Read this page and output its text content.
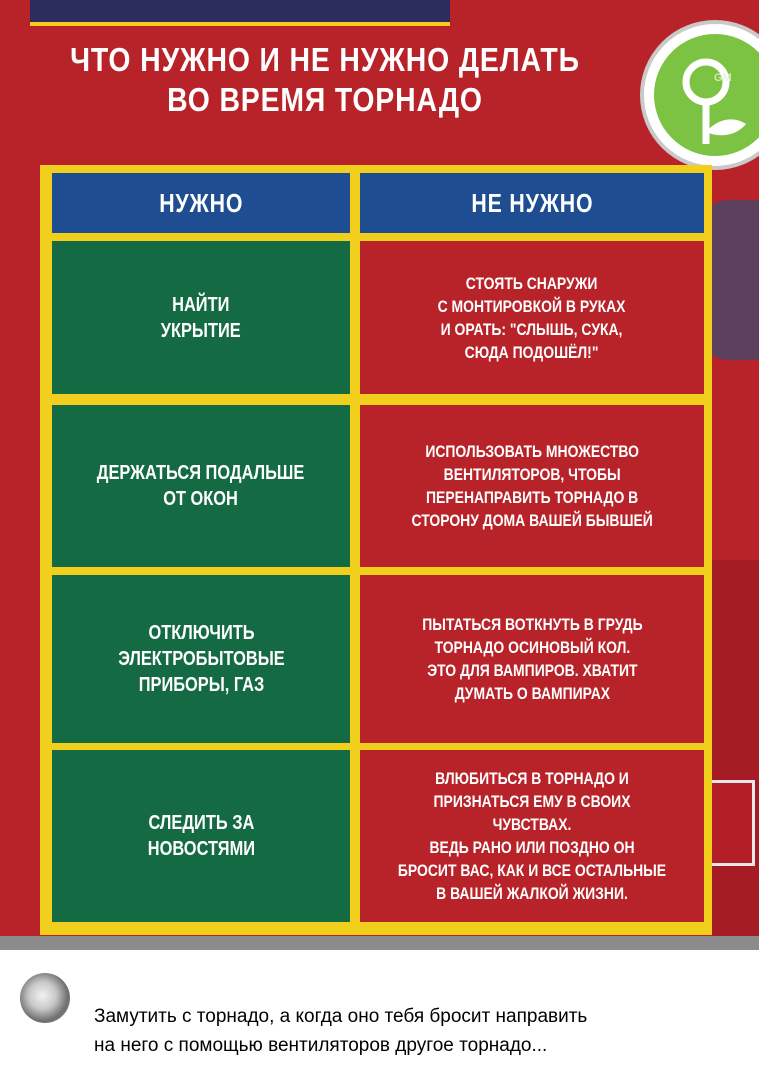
ЧТО НУЖНО И НЕ НУЖНО ДЕЛАТЬ
ВО ВРЕМЯ ТОРНАДО
GM
НУЖНО	НЕ НУЖНО
НАЙТИ
УКРЫТИЕ
СТОЯТЬ СНАРУЖИ
С МОНТИРОВКОЙ В РУКАХ
И ОРАТЬ: "СЛЫШЬ, СУКА,
СЮДА ПОДОШЁЛ!"
ДЕРЖАТЬСЯ ПОДАЛЬШЕ
ОТ ОКОН
ИСПОЛЬЗОВАТЬ МНОЖЕСТВО
ВЕНТИЛЯТОРОВ, ЧТОБЫ
ПЕРЕНАПРАВИТЬ ТОРНАДО В
СТОРОНУ ДОМА ВАШЕЙ БЫВШЕЙ
ОТКЛЮЧИТЬ
ЭЛЕКТРОБЫТОВЫЕ
ПРИБОРЫ, ГАЗ
ПЫТАТЬСЯ ВОТКНУТЬ В ГРУДЬ
ТОРНАДО ОСИНОВЫЙ КОЛ.
ЭТО ДЛЯ ВАМПИРОВ. ХВАТИТ
ДУМАТЬ О ВАМПИРАХ
СЛЕДИТЬ ЗА
НОВОСТЯМИ
ВЛЮБИТЬСЯ В ТОРНАДО И
ПРИЗНАТЬСЯ ЕМУ В СВОИХ ЧУВСТВАХ.
ВЕДЬ РАНО ИЛИ ПОЗДНО ОН
БРОСИТ ВАС, КАК И ВСЕ ОСТАЛЬНЫЕ
В ВАШЕЙ ЖАЛКОЙ ЖИЗНИ.
Замутить с торнадо, а когда оно тебя бросит направить
на него с помощью вентиляторов другое торнадо...
